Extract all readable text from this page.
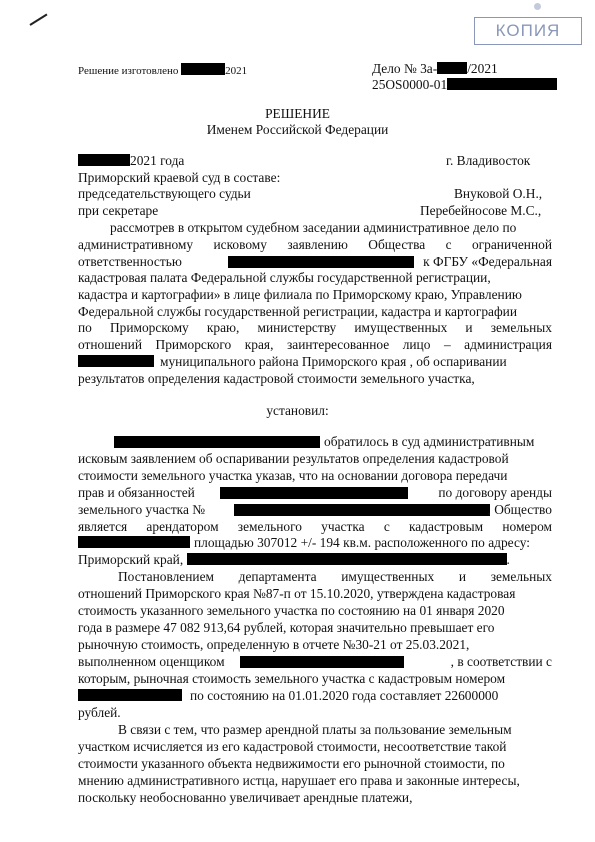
КОПИЯ
Решение изготовлено	2021	Дело № 3а- /2021
25OS0000-01
РЕШЕНИЕ
Именем Российской Федерации
2021 года	г. Владивосток
Приморский краевой суд в составе:
председательствующего судьи	Внуковой О.Н.,
при секретаре	Перебейносове М.С.,
рассмотрев в открытом судебном заседании административное дело по
административному исковому заявлению Общества с ограниченной
ответственностью	к ФГБУ «Федеральная
кадастровая палата Федеральной службы государственной регистрации,
кадастра и картографии» в лице филиала по Приморскому краю, Управлению
Федеральной службы государственной регистрации, кадастра и картографии
по Приморскому краю, министерству имущественных и земельных
отношений Приморского края, заинтересованное лицо – администрация
муниципального района Приморского края , об оспаривании
результатов определения кадастровой стоимости земельного участка,
установил:
обратилось в суд административным
исковым заявлением об оспаривании результатов определения кадастровой
стоимости земельного участка указав, что на основании договора передачи
прав и обязанностей	по договору аренды
земельного участка №	, Общество
является арендатором земельного участка с кадастровым номером
площадью 307012 +/- 194 кв.м. расположенного по адресу:
Приморский край,	.
Постановлением департамента имущественных и земельных
отношений Приморского края №87-п от 15.10.2020, утверждена кадастровая
стоимость указанного земельного участка по состоянию на 01 января 2020
года в размере 47 082 913,64 рублей, которая значительно превышает его
рыночную стоимость, определенную в отчете №30-21 от 25.03.2021,
выполненном оценщиком	, в соответствии с
которым, рыночная стоимость земельного участка с кадастровым номером
по состоянию на 01.01.2020 года составляет 22600000
рублей.
В связи с тем, что размер арендной платы за пользование земельным
участком исчисляется из его кадастровой стоимости, несоответствие такой
стоимости указанного объекта недвижимости его рыночной стоимости, по
мнению административного истца, нарушает его права и законные интересы,
поскольку необоснованно увеличивает арендные платежи,
